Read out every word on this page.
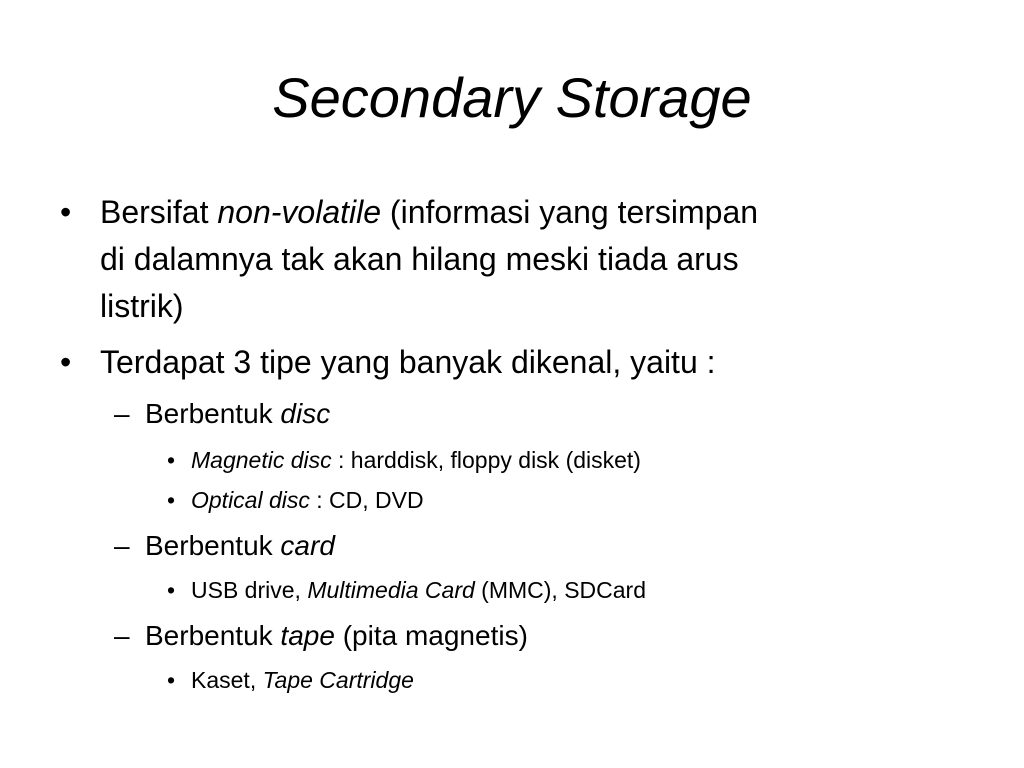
Secondary Storage
• Bersifat non-volatile (informasi yang tersimpan
di dalamnya tak akan hilang meski tiada arus
listrik)
• Terdapat 3 tipe yang banyak dikenal, yaitu :
– Berbentuk disc
• Magnetic disc : harddisk, floppy disk (disket)
• Optical disc : CD, DVD
– Berbentuk card
• USB drive, Multimedia Card (MMC), SDCard
– Berbentuk tape (pita magnetis)
• Kaset, Tape Cartridge
